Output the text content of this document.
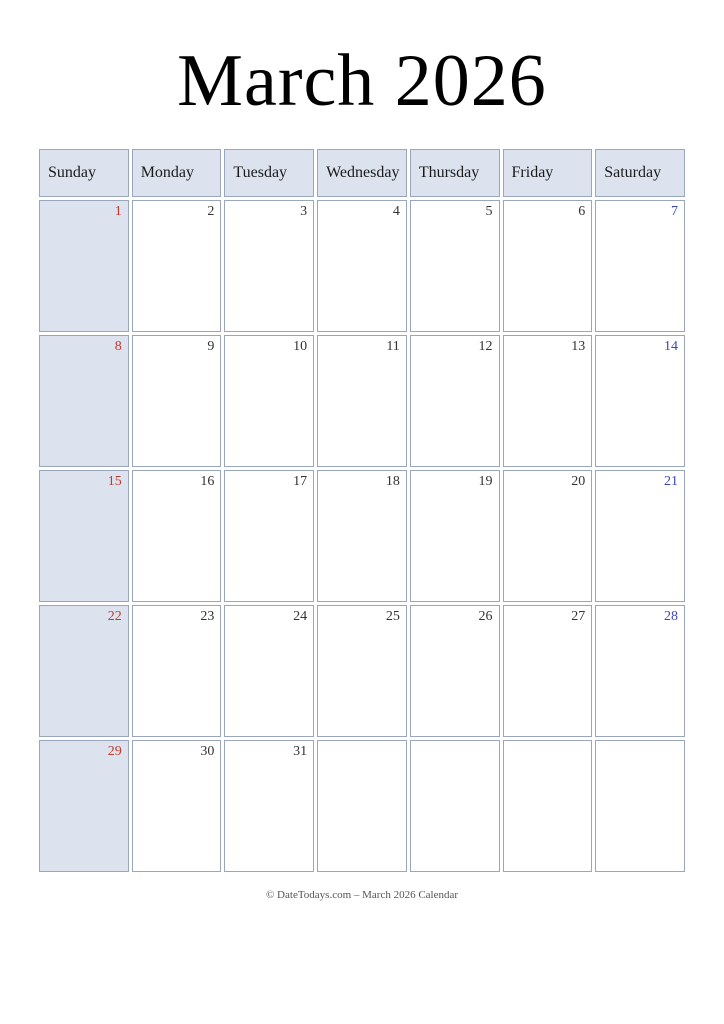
March 2026
Sunday	Monday	Tuesday	Wednesday	Thursday	Friday	Saturday

1	2	3	4	5	6	7

8	9	10	11	12	13	14

15	16	17	18	19	20	21

22	23	24	25	26	27	28

29	30	31				

© DateTodays.com – March 2026 Calendar
